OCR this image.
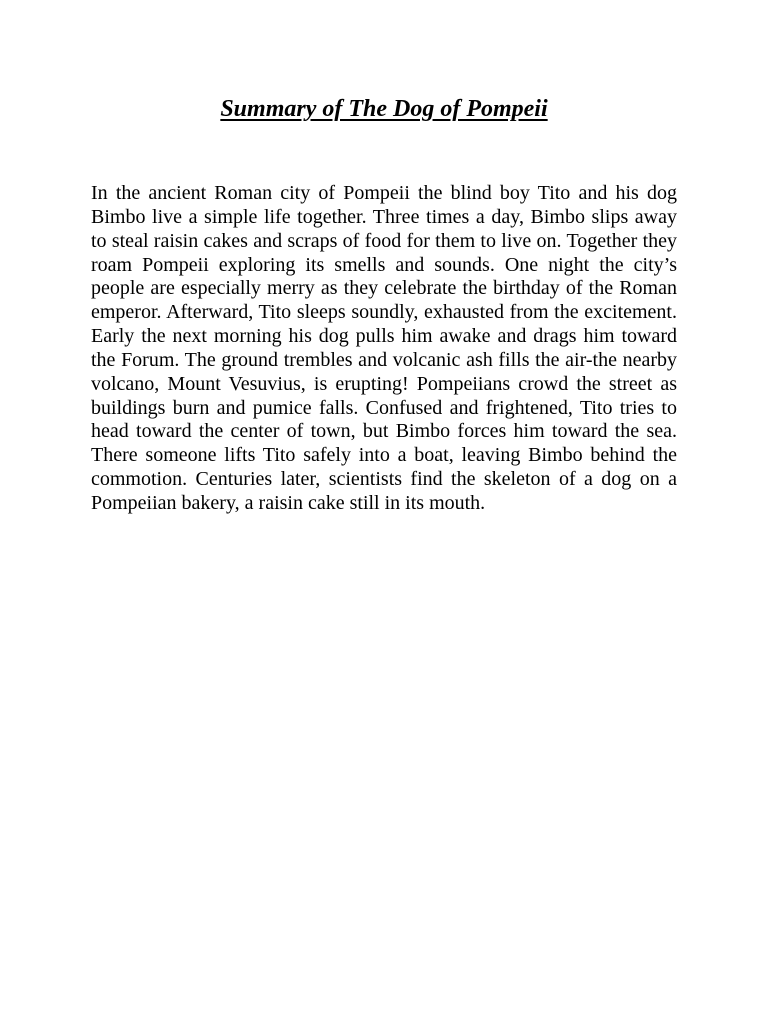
Summary of The Dog of Pompeii

In the ancient Roman city of Pompeii the blind boy Tito and his dog Bimbo live a simple life together. Three times a day, Bimbo slips away to steal raisin cakes and scraps of food for them to live on. Together they roam Pompeii exploring its smells and sounds. One night the city’s people are especially merry as they celebrate the birthday of the Roman emperor. Afterward, Tito sleeps soundly, exhausted from the excitement. Early the next morning his dog pulls him awake and drags him toward the Forum. The ground trembles and volcanic ash fills the air-the nearby volcano, Mount Vesuvius, is erupting! Pompeiians crowd the street as buildings burn and pumice falls. Confused and frightened, Tito tries to head toward the center of town, but Bimbo forces him toward the sea. There someone lifts Tito safely into a boat, leaving Bimbo behind the commotion. Centuries later, scientists find the skeleton of a dog on a Pompeiian bakery, a raisin cake still in its mouth.
